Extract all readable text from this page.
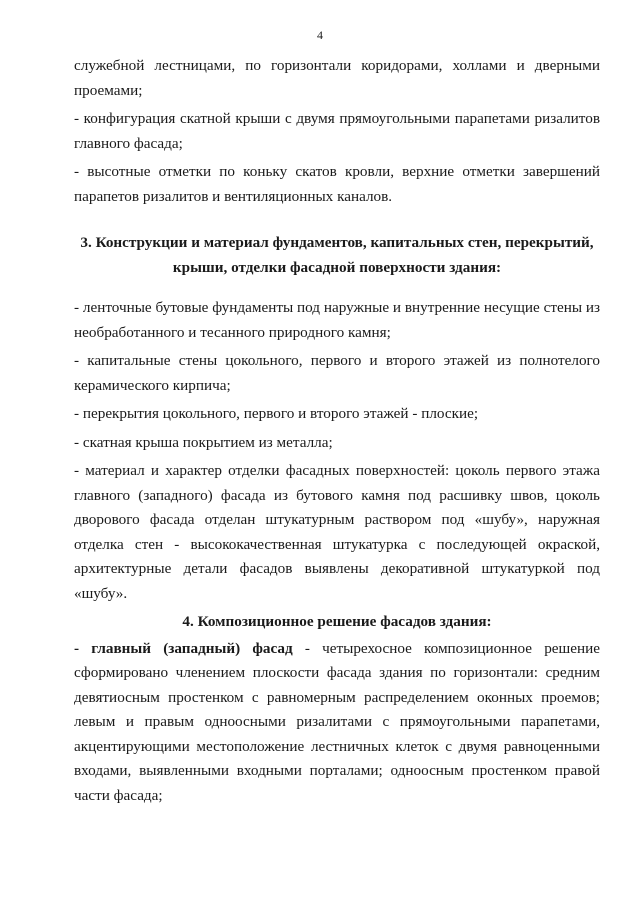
4

служебной лестницами, по горизонтали коридорами, холлами и дверными проемами;

- конфигурация скатной крыши с двумя прямоугольными парапетами ризалитов главного фасада;

- высотные отметки по коньку скатов кровли, верхние отметки завершений парапетов ризалитов и вентиляционных каналов.

3. Конструкции и материал фундаментов, капитальных стен, перекрытий, крыши, отделки фасадной поверхности здания:

- ленточные бутовые фундаменты под наружные и внутренние несущие стены из необработанного и тесанного природного камня;

- капитальные стены цокольного, первого и второго этажей из полнотелого керамического кирпича;

- перекрытия цокольного, первого и второго этажей - плоские;

- скатная крыша покрытием из металла;

- материал и характер отделки фасадных поверхностей: цоколь первого этажа главного (западного) фасада из бутового камня под расшивку швов, цоколь дворового фасада отделан штукатурным раствором под «шубу», наружная отделка стен - высококачественная штукатурка с последующей окраской, архитектурные детали фасадов выявлены декоративной штукатуркой под «шубу».

4. Композиционное решение фасадов здания:

- главный (западный) фасад - четырехосное композиционное решение сформировано членением плоскости фасада здания по горизонтали: средним девятиосным простенком с равномерным распределением оконных проемов; левым и правым одноосными ризалитами с прямоугольными парапетами, акцентирующими местоположение лестничных клеток с двумя равноценными входами, выявленными входными порталами; одноосным простенком правой части фасада;
